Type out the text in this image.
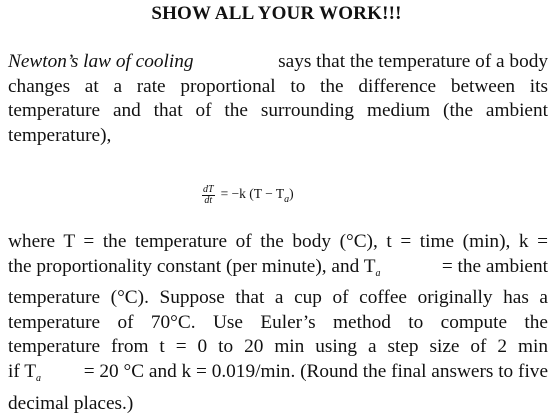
SHOW ALL YOUR WORK!!!
Newton’s law of cooling	says that the temperature of a body
changes at a rate proportional to the difference between its
temperature and that of the surrounding medium (the ambient
temperature),
$\frac{dT}{dt} = -k$ $(T - T_a)$
where T = the temperature of the body (°C), t = time (min), k =
the proportionality constant (per minute), and $T_a$	= the ambient
temperature (°C). Suppose that a cup of coffee originally has a
temperature of 70°C. Use Euler’s method to compute the
temperature from t = 0 to 20 min using a step size of 2 min
if $T_a = 20$ °C and k = 0.019/min. (Round the final answers to five
decimal places.)
